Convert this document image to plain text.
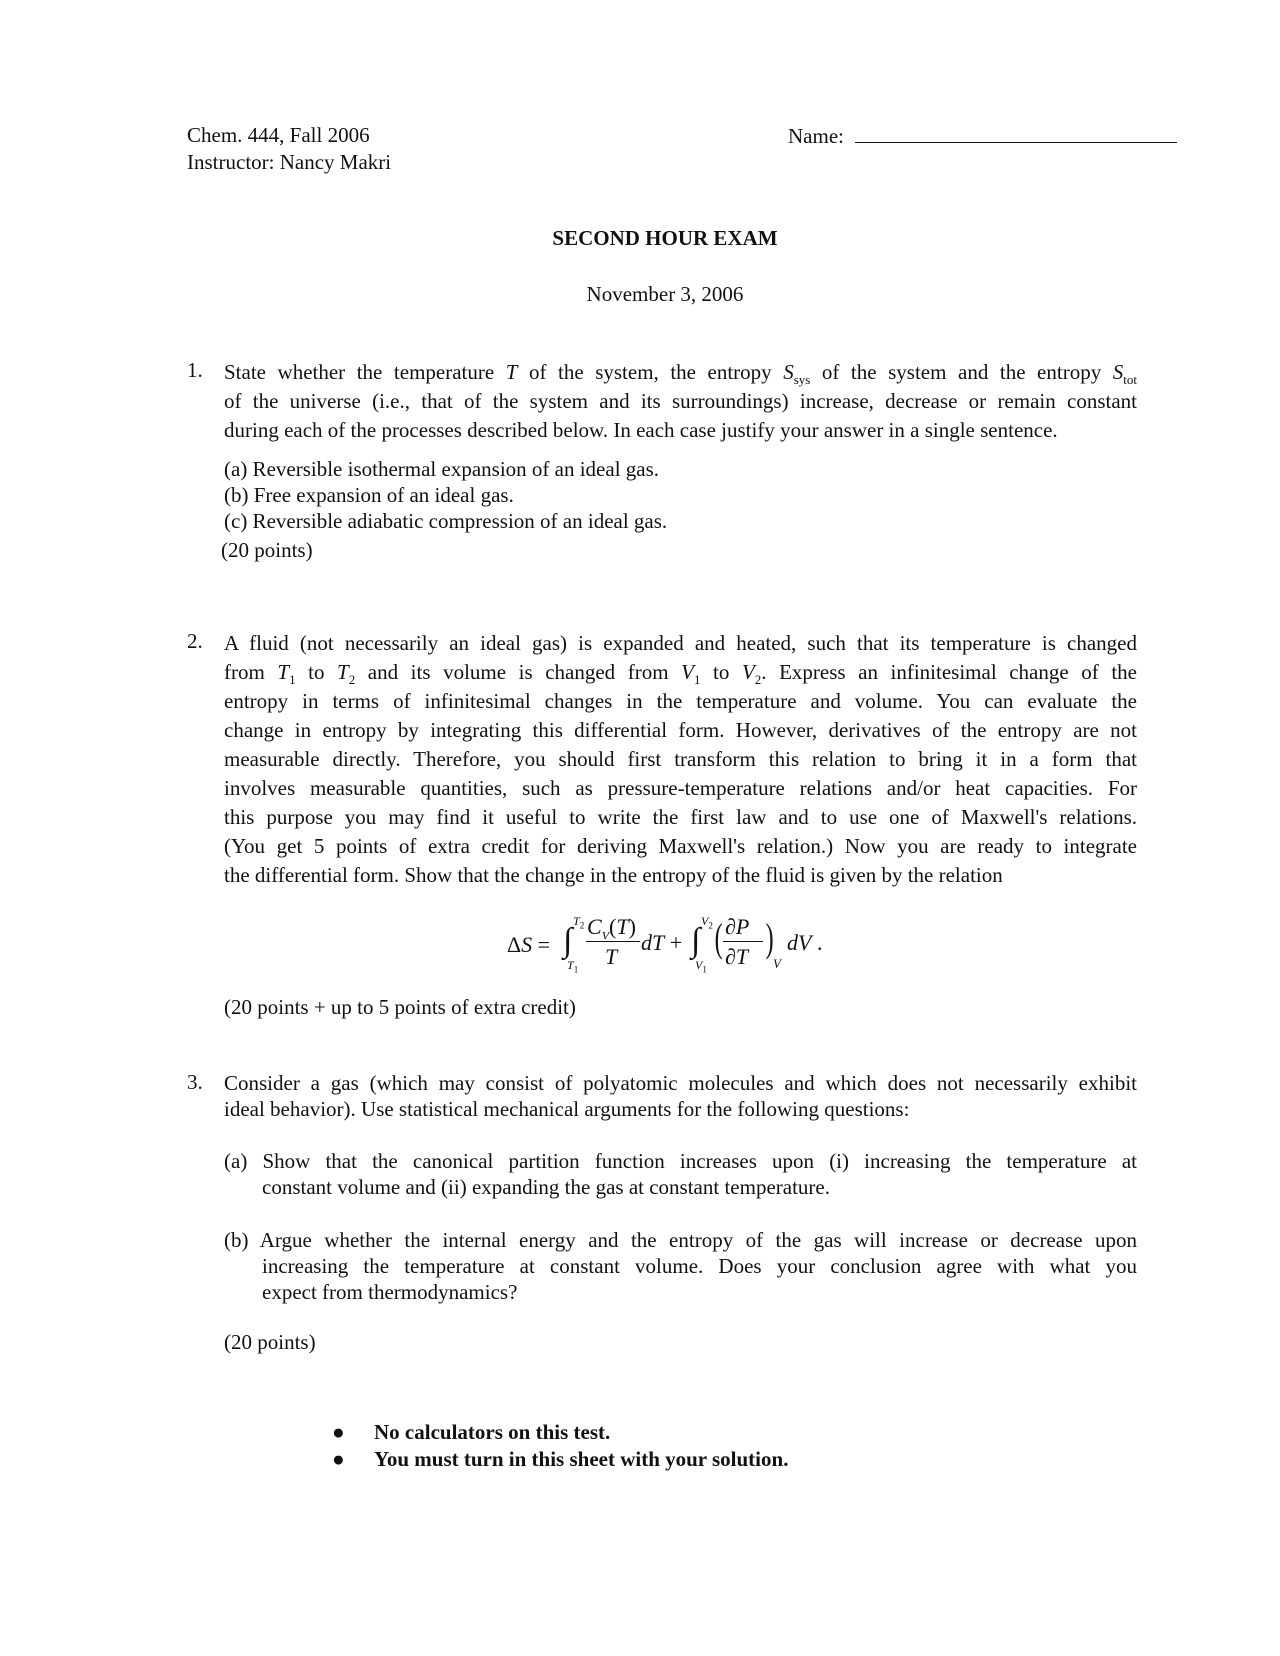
Chem. 444, Fall 2006
Instructor: Nancy Makri
Name:
SECOND HOUR EXAM
November 3, 2006
1. State whether the temperature T of the system, the entropy $S_{sys}$ of the system and the entropy $S_{tot}$
of the universe (i.e., that of the system and its surroundings) increase, decrease or remain constant
during each of the processes described below. In each case justify your answer in a single sentence.
(a) Reversible isothermal expansion of an ideal gas.
(b) Free expansion of an ideal gas.
(c) Reversible adiabatic compression of an ideal gas.
(20 points)
2. A fluid (not necessarily an ideal gas) is expanded and heated, such that its temperature is changed
from $T_1$ to $T_2$ and its volume is changed from $V_1$ to $V_2$. Express an infinitesimal change of the
entropy in terms of infinitesimal changes in the temperature and volume. You can evaluate the
change in entropy by integrating this differential form. However, derivatives of the entropy are not
measurable directly. Therefore, you should first transform this relation to bring it in a form that
involves measurable quantities, such as pressure-temperature relations and/or heat capacities. For
this purpose you may find it useful to write the first law and to use one of Maxwell's relations.
(You get 5 points of extra credit for deriving Maxwell's relation.) Now you are ready to integrate
the differential form. Show that the change in the entropy of the fluid is given by the relation
ΔS = ∫
$T_2$
$T_1$
$C_V(T)$
T
dT + ∫
$V_2$
$V_1$
( ∂P
∂T )
V
dV .
(20 points + up to 5 points of extra credit)
3. Consider a gas (which may consist of polyatomic molecules and which does not necessarily exhibit
ideal behavior). Use statistical mechanical arguments for the following questions:
(a) Show that the canonical partition function increases upon (i) increasing the temperature at
constant volume and (ii) expanding the gas at constant temperature.
(b) Argue whether the internal energy and the entropy of the gas will increase or decrease upon
increasing the temperature at constant volume. Does your conclusion agree with what you
expect from thermodynamics?
(20 points)
● No calculators on this test.
● You must turn in this sheet with your solution.
